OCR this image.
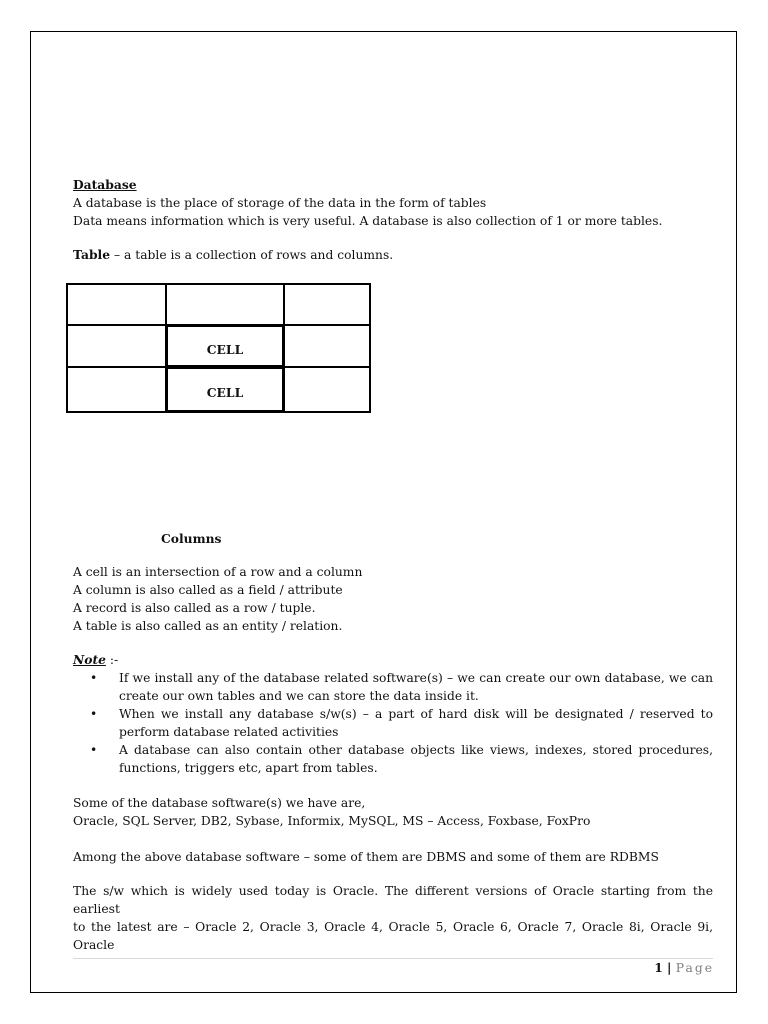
Database
A database is the place of storage of the data in the form of tables
Data means information which is very useful. A database is also collection of 1 or more tables.
Table – a table is a collection of rows and columns.
CELL
CELL
Columns
A cell is an intersection of a row and a column
A column is also called as a field / attribute
A record is also called as a row / tuple.
A table is also called as an entity / relation.
Note :-
• If we install any of the database related software(s) – we can create our own database, we can
create our own tables and we can store the data inside it.
• When we install any database s/w(s) – a part of hard disk will be designated / reserved to
perform database related activities
• A database can also contain other database objects like views, indexes, stored procedures,
functions, triggers etc, apart from tables.
Some of the database software(s) we have are,
Oracle, SQL Server, DB2, Sybase, Informix, MySQL, MS – Access, Foxbase, FoxPro
Among the above database software – some of them are DBMS and some of them are RDBMS
The s/w which is widely used today is Oracle. The different versions of Oracle starting from the earliest
to the latest are – Oracle 2, Oracle 3, Oracle 4, Oracle 5, Oracle 6, Oracle 7, Oracle 8i, Oracle 9i, Oracle
1 | Page
